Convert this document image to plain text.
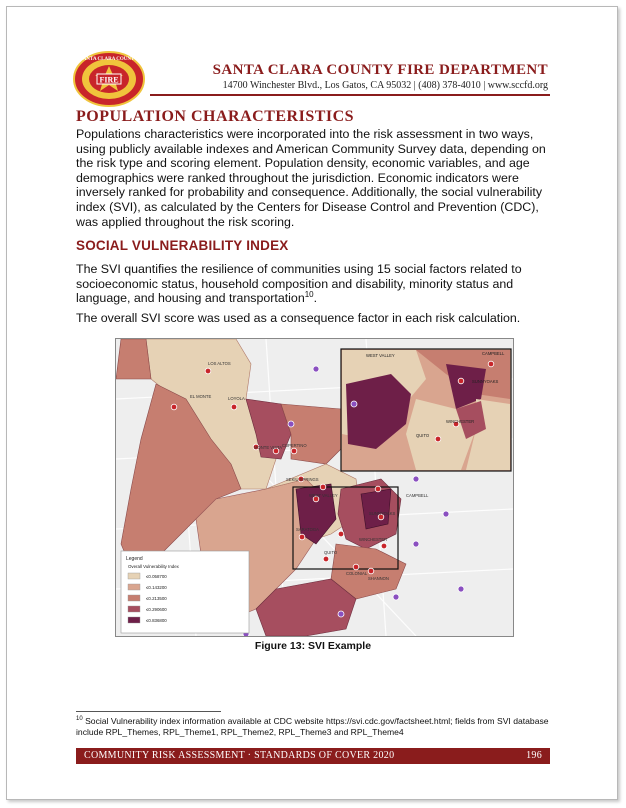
FIRE
SANTA CLARA COUNTY
SANTA CLARA COUNTY FIRE DEPARTMENT
14700 Winchester Blvd., Los Gatos, CA 95032 | (408) 378-4010 | www.sccfd.org
POPULATION CHARACTERISTICS

Populations characteristics were incorporated into the risk assessment in two ways, using publicly available indexes and American Community Survey data, depending on the risk type and scoring element. Population density, economic variables, and age demographics were ranked throughout the jurisdiction. Economic indicators were inversely ranked for probability and consequence. Additionally, the social vulnerability index (SVI), as calculated by the Centers for Disease Control and Prevention (CDC), was applied throughout the risk scoring.

SOCIAL VULNERABILITY INDEX

The SVI quantifies the resilience of communities using 15 social factors related to socioeconomic status, household composition and disability, minority status and language, and housing and transportation$^{10}$.

The overall SVI score was used as a consequence factor in each risk calculation.

LOS ALTOS
EL MONTE	LOYOLA
MONTE VISTA CUPERTINO
SEKIU SPRINGS
WEST VALLEY
SARATOGA
SUNNYOAKS
WINCHESTER
QUITO
SHANNON
COLONIAL
CAMPBELL
WEST VALLEY	CAMPBELL
SUNNYOAKS
WINCHESTER
QUITO
Legend
Overall Vulnerability Index
≤0.058700
≤0.143200
≤0.213500
≤0.290600
≤0.836800
Figure 13: SVI Example
$^{10}$ Social Vulnerability index information available at CDC website https://svi.cdc.gov/factsheet.html; fields from SVI database include RPL_Themes, RPL_Theme1, RPL_Theme2, RPL_Theme3 and RPL_Theme4
COMMUNITY RISK ASSESSMENT · STANDARDS OF COVER 2020	196
